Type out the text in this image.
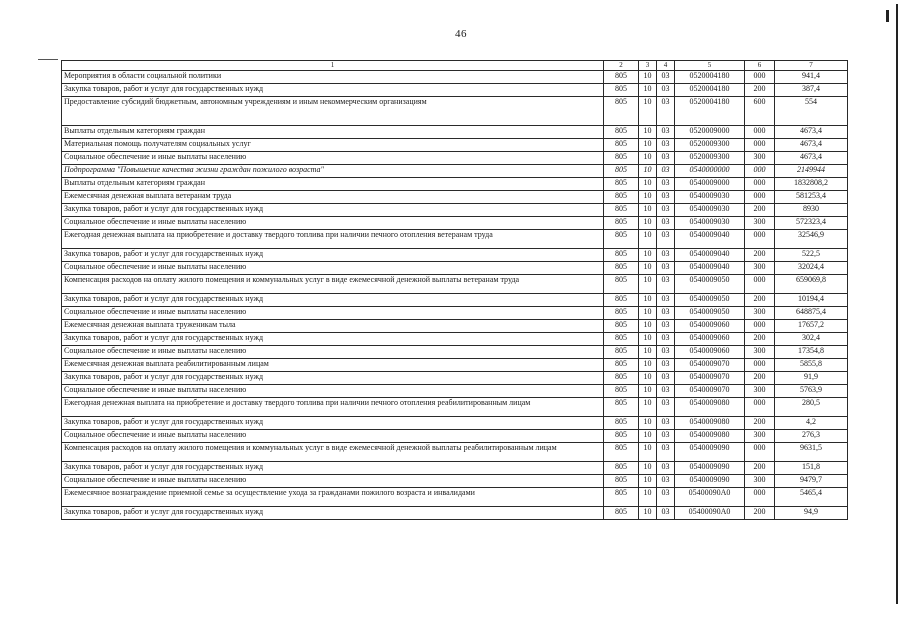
46
1	2	3	4	5	6	7
Мероприятия в области социальной политики	805	10	03	0520004180	000	941,4
Закупка товаров, работ и услуг для государственных нужд	805	10	03	0520004180	200	387,4
Предоставление субсидий бюджетным, автономным учреждениям и иным некоммерческим организациям	805	10	03	0520004180	600	554
Выплаты отдельным категориям граждан	805	10	03	0520009000	000	4673,4
Материальная помощь получателям социальных услуг	805	10	03	0520009300	000	4673,4
Социальное обеспечение и иные выплаты населению	805	10	03	0520009300	300	4673,4
Подпрограмма "Повышение качества жизни граждан пожилого возраста"	805	10	03	0540000000	000	2149944
Выплаты отдельным категориям граждан	805	10	03	0540009000	000	1832808,2
Ежемесячная денежная выплата ветеранам труда	805	10	03	0540009030	000	581253,4
Закупка товаров, работ и услуг для государственных нужд	805	10	03	0540009030	200	8930
Социальное обеспечение и иные выплаты населению	805	10	03	0540009030	300	572323,4
Ежегодная денежная выплата на приобретение и доставку твердого топлива при наличии печного отопления ветеранам труда	805	10	03	0540009040	000	32546,9
Закупка товаров, работ и услуг для государственных нужд	805	10	03	0540009040	200	522,5
Социальное обеспечение и иные выплаты населению	805	10	03	0540009040	300	32024,4
Компенсация расходов на оплату жилого помещения и коммунальных услуг в виде ежемесячной денежной выплаты ветеранам труда	805	10	03	0540009050	000	659069,8
Закупка товаров, работ и услуг для государственных нужд	805	10	03	0540009050	200	10194,4
Социальное обеспечение и иные выплаты населению	805	10	03	0540009050	300	648875,4
Ежемесячная денежная выплата труженикам тыла	805	10	03	0540009060	000	17657,2
Закупка товаров, работ и услуг для государственных нужд	805	10	03	0540009060	200	302,4
Социальное обеспечение и иные выплаты населению	805	10	03	0540009060	300	17354,8
Ежемесячная денежная выплата реабилитированным лицам	805	10	03	0540009070	000	5855,8
Закупка товаров, работ и услуг для государственных нужд	805	10	03	0540009070	200	91,9
Социальное обеспечение и иные выплаты населению	805	10	03	0540009070	300	5763,9
Ежегодная денежная выплата на приобретение и доставку твердого топлива при наличии печного отопления реабилитированным лицам	805	10	03	0540009080	000	280,5
Закупка товаров, работ и услуг для государственных нужд	805	10	03	0540009080	200	4,2
Социальное обеспечение и иные выплаты населению	805	10	03	0540009080	300	276,3
Компенсация расходов на оплату жилого помещения и коммунальных услуг в виде ежемесячной денежной выплаты реабилитированным лицам	805	10	03	0540009090	000	9631,5
Закупка товаров, работ и услуг для государственных нужд	805	10	03	0540009090	200	151,8
Социальное обеспечение и иные выплаты населению	805	10	03	0540009090	300	9479,7
Ежемесячное вознаграждение приемной семье за осуществление ухода за гражданами пожилого возраста и инвалидами	805	10	03	05400090А0	000	5465,4
Закупка товаров, работ и услуг для государственных нужд	805	10	03	05400090А0	200	94,9
